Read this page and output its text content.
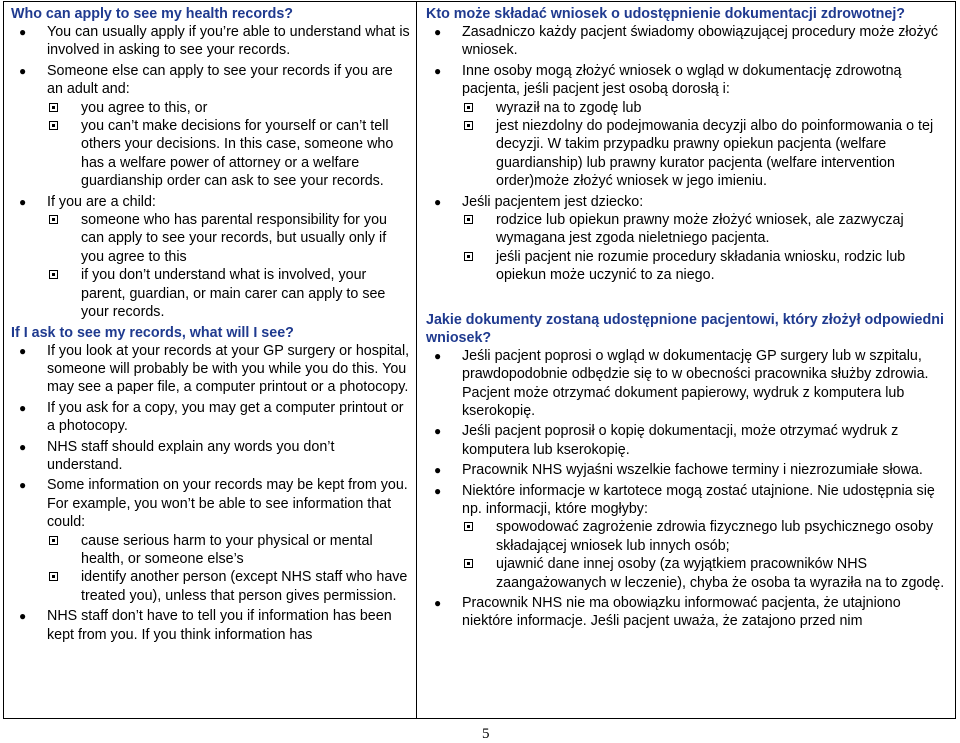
Who can apply to see my health records?

● You can usually apply if you’re able to understand what is involved in asking to see your records.
● Someone else can apply to see your records if you are an adult and:
you agree to this, or
you can’t make decisions for yourself or can’t tell others your decisions. In this case, someone who has a welfare power of attorney or a welfare guardianship order can ask to see your records.
● If you are a child:
someone who has parental responsibility for you can apply to see your records, but usually only if you agree to this
if you don’t understand what is involved, your parent, guardian, or main carer can apply to see your records.

If I ask to see my records, what will I see?

● If you look at your records at your GP surgery or hospital, someone will probably be with you while you do this. You may see a paper file, a computer printout or a photocopy.
● If you ask for a copy, you may get a computer printout or a photocopy.
● NHS staff should explain any words you don’t understand.
● Some information on your records may be kept from you. For example, you won’t be able to see information that could:
cause serious harm to your physical or mental health, or someone else’s
identify another person (except NHS staff who have treated you), unless that person gives permission.
● NHS staff don’t have to tell you if information has been kept from you. If you think information has

Kto może składać wniosek o udostępnienie dokumentacji zdrowotnej?

● Zasadniczo każdy pacjent świadomy obowiązującej procedury może złożyć wniosek.
● Inne osoby mogą złożyć wniosek o wgląd w dokumentację zdrowotną pacjenta, jeśli pacjent jest osobą dorosłą i:
wyraził na to zgodę lub
jest niezdolny do podejmowania decyzji albo do poinformowania o tej decyzji. W takim przypadku prawny opiekun pacjenta (welfare guardianship) lub prawny kurator pacjenta (welfare intervention order)może złożyć wniosek w jego imieniu.
● Jeśli pacjentem jest dziecko:
rodzice lub opiekun prawny może złożyć wniosek, ale zazwyczaj wymagana jest zgoda nieletniego pacjenta.
jeśli pacjent nie rozumie procedury składania wniosku, rodzic lub opiekun może uczynić to za niego.

Jakie dokumenty zostaną udostępnione pacjentowi, który złożył odpowiedni wniosek?

● Jeśli pacjent poprosi o wgląd w dokumentację GP surgery lub w szpitalu, prawdopodobnie odbędzie się to w obecności pracownika służby zdrowia. Pacjent może otrzymać dokument papierowy, wydruk z komputera lub kserokopię.
● Jeśli pacjent poprosił o kopię dokumentacji, może otrzymać wydruk z komputera lub kserokopię.
● Pracownik NHS wyjaśni wszelkie fachowe terminy i niezrozumiałe słowa.
● Niektóre informacje w kartotece mogą zostać utajnione. Nie udostępnia się np. informacji, które mogłyby:
spowodować zagrożenie zdrowia fizycznego lub psychicznego osoby składającej wniosek lub innych osób;
ujawnić dane innej osoby (za wyjątkiem pracowników NHS zaangażowanych w leczenie), chyba że osoba ta wyraziła na to zgodę.
● Pracownik NHS nie ma obowiązku informować pacjenta, że utajniono niektóre informacje. Jeśli pacjent uważa, że zatajono przed nim
5
